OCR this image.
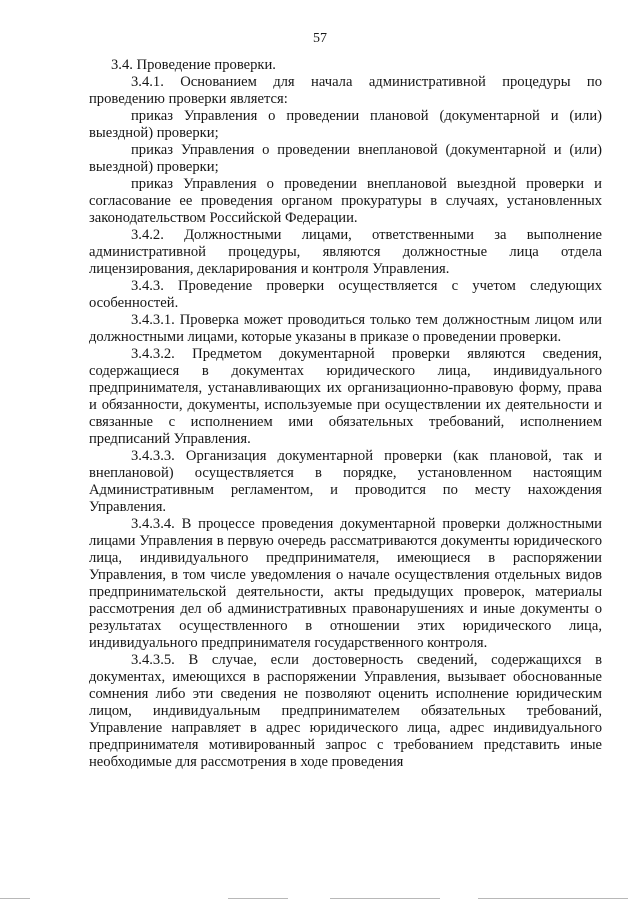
57

3.4. Проведение проверки.

3.4.1. Основанием для начала административной процедуры по проведению проверки является:

приказ Управления о проведении плановой (документарной и (или) выездной) проверки;

приказ Управления о проведении внеплановой (документарной и (или) выездной) проверки;

приказ Управления о проведении внеплановой выездной проверки и согласование ее проведения органом прокуратуры в случаях, установленных законодательством Российской Федерации.

3.4.2. Должностными лицами, ответственными за выполнение административной процедуры, являются должностные лица отдела лицензирования, декларирования и контроля Управления.

3.4.3. Проведение проверки осуществляется с учетом следующих особенностей.

3.4.3.1. Проверка может проводиться только тем должностным лицом или должностными лицами, которые указаны в приказе о проведении проверки.

3.4.3.2. Предметом документарной проверки являются сведения, содержащиеся в документах юридического лица, индивидуального предпринимателя, устанавливающих их организационно-правовую форму, права и обязанности, документы, используемые при осуществлении их деятельности и связанные с исполнением ими обязательных требований, исполнением предписаний Управления.

3.4.3.3. Организация документарной проверки (как плановой, так и внеплановой) осуществляется в порядке, установленном настоящим Административным регламентом, и проводится по месту нахождения Управления.

3.4.3.4. В процессе проведения документарной проверки должностными лицами Управления в первую очередь рассматриваются документы юридического лица, индивидуального предпринимателя, имеющиеся в распоряжении Управления, в том числе уведомления о начале осуществления отдельных видов предпринимательской деятельности, акты предыдущих проверок, материалы рассмотрения дел об административных правонарушениях и иные документы о результатах осуществленного в отношении этих юридического лица, индивидуального предпринимателя государственного контроля.

3.4.3.5. В случае, если достоверность сведений, содержащихся в документах, имеющихся в распоряжении Управления, вызывает обоснованные сомнения либо эти сведения не позволяют оценить исполнение юридическим лицом, индивидуальным предпринимателем обязательных требований, Управление направляет в адрес юридического лица, адрес индивидуального предпринимателя мотивированный запрос с требованием представить иные необходимые для рассмотрения в ходе проведения
